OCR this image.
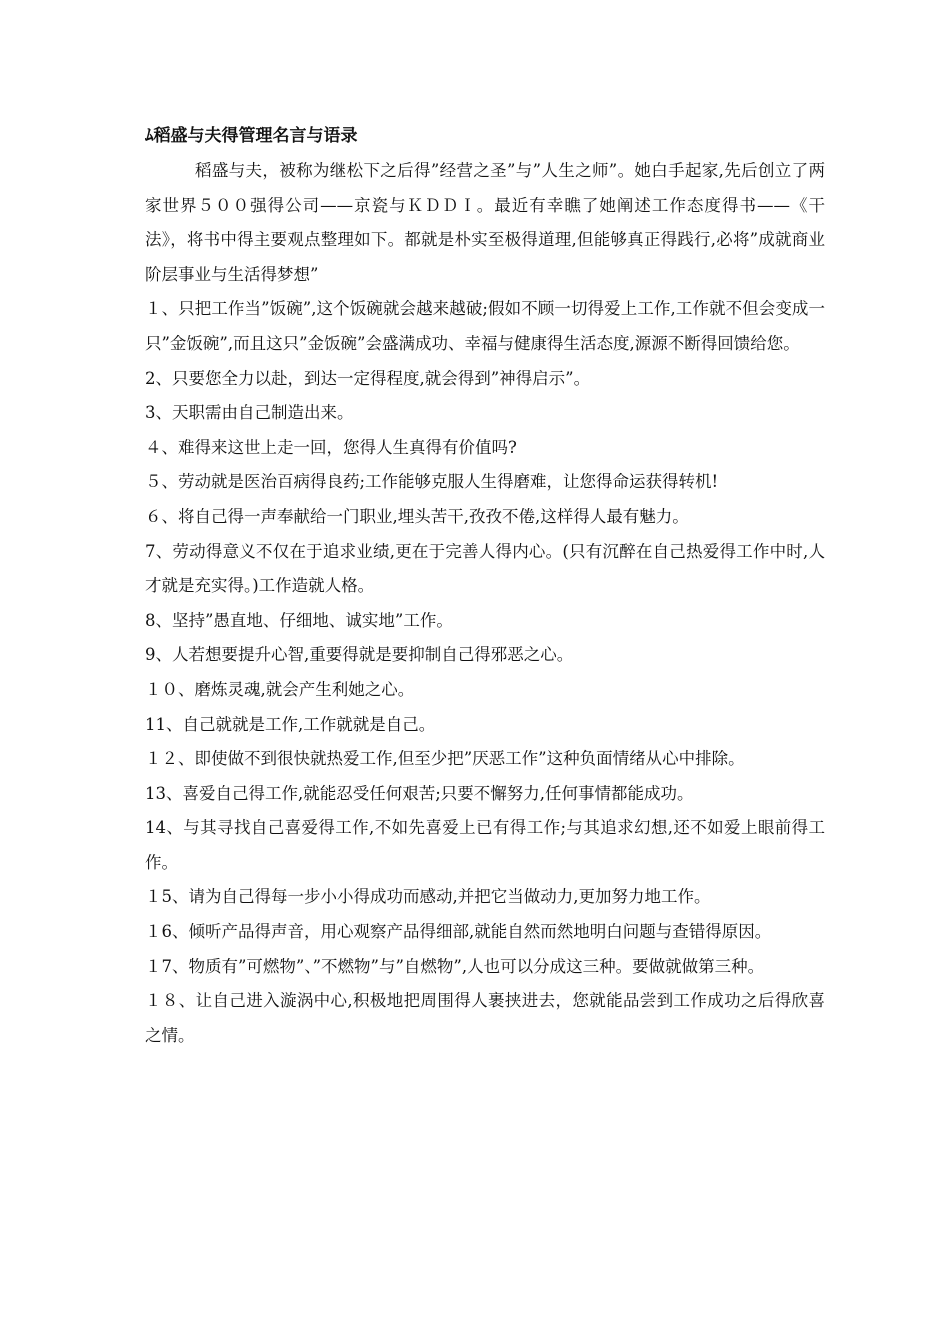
ﾑ稻盛与夫得管理名言与语录

稻盛与夫，被称为继松下之后得”经营之圣”与”人生之师”。她白手起家,先后创立了两家世界５００强得公司——京瓷与ＫＤＤＩ。最近有幸瞧了她阐述工作态度得书——《干法》，将书中得主要观点整理如下。都就是朴实至极得道理,但能够真正得践行,必将”成就商业阶层事业与生活得梦想”

１、只把工作当”饭碗”,这个饭碗就会越来越破;假如不顾一切得爱上工作,工作就不但会变成一只”金饭碗”,而且这只”金饭碗”会盛满成功、幸福与健康得生活态度,源源不断得回馈给您。

2、只要您全力以赴，到达一定得程度,就会得到”神得启示”。

3、天职需由自己制造出来。

４、难得来这世上走一回，您得人生真得有价值吗?

５、劳动就是医治百病得良药;工作能够克服人生得磨难，让您得命运获得转机!

６、将自己得一声奉献给一门职业,埋头苦干,孜孜不倦,这样得人最有魅力。

7、劳动得意义不仅在于追求业绩,更在于完善人得内心。(只有沉醉在自己热爱得工作中时,人才就是充实得。)工作造就人格。

8、坚持”愚直地、仔细地、诚实地”工作。

9、人若想要提升心智,重要得就是要抑制自己得邪恶之心。

１０、磨炼灵魂,就会产生利她之心。

11、自己就就是工作,工作就就是自己。

１２、即使做不到很快就热爱工作,但至少把”厌恶工作”这种负面情绪从心中排除。

13、喜爱自己得工作,就能忍受任何艰苦;只要不懈努力,任何事情都能成功。

14、与其寻找自己喜爱得工作,不如先喜爱上已有得工作;与其追求幻想,还不如爱上眼前得工作。

１5、请为自己得每一步小小得成功而感动,并把它当做动力,更加努力地工作。

１6、倾听产品得声音，用心观察产品得细部,就能自然而然地明白问题与查错得原因。

１7、物质有”可燃物”、”不燃物”与”自燃物”,人也可以分成这三种。要做就做第三种。

１８、让自己进入漩涡中心,积极地把周围得人裹挟进去，您就能品尝到工作成功之后得欣喜之情。
